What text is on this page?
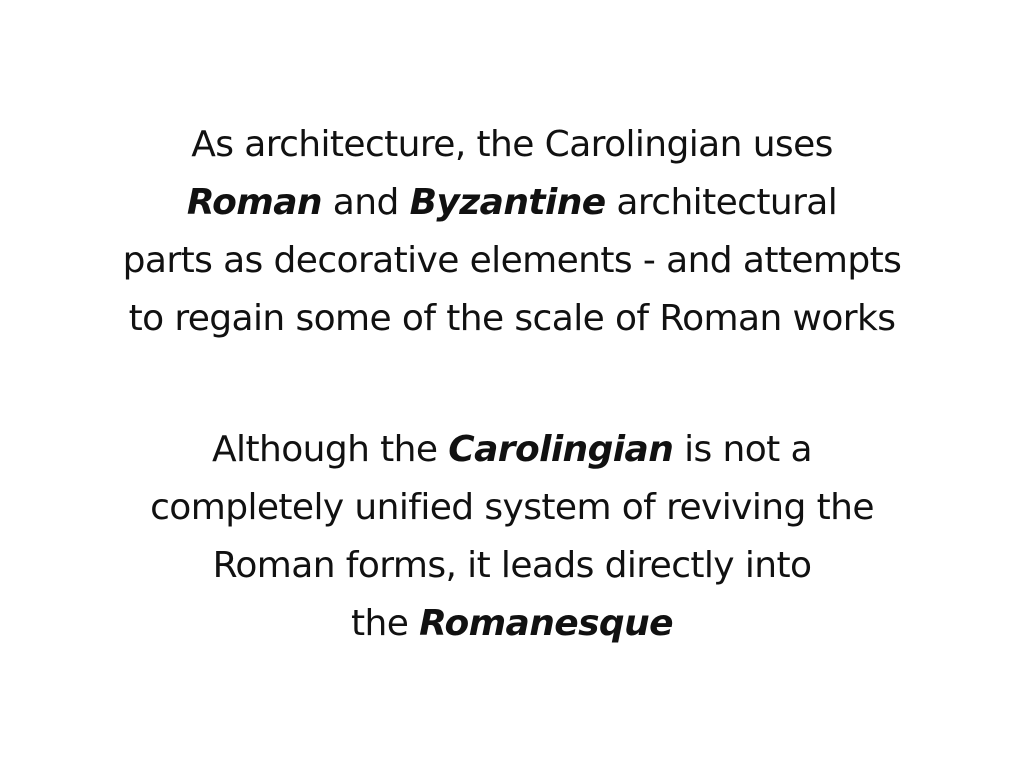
As architecture, the Carolingian uses
Roman and Byzantine architectural
parts as decorative elements - and attempts
to regain some of the scale of Roman works
Although the Carolingian is not a
completely unified system of reviving the
Roman forms, it leads directly into
the Romanesque
